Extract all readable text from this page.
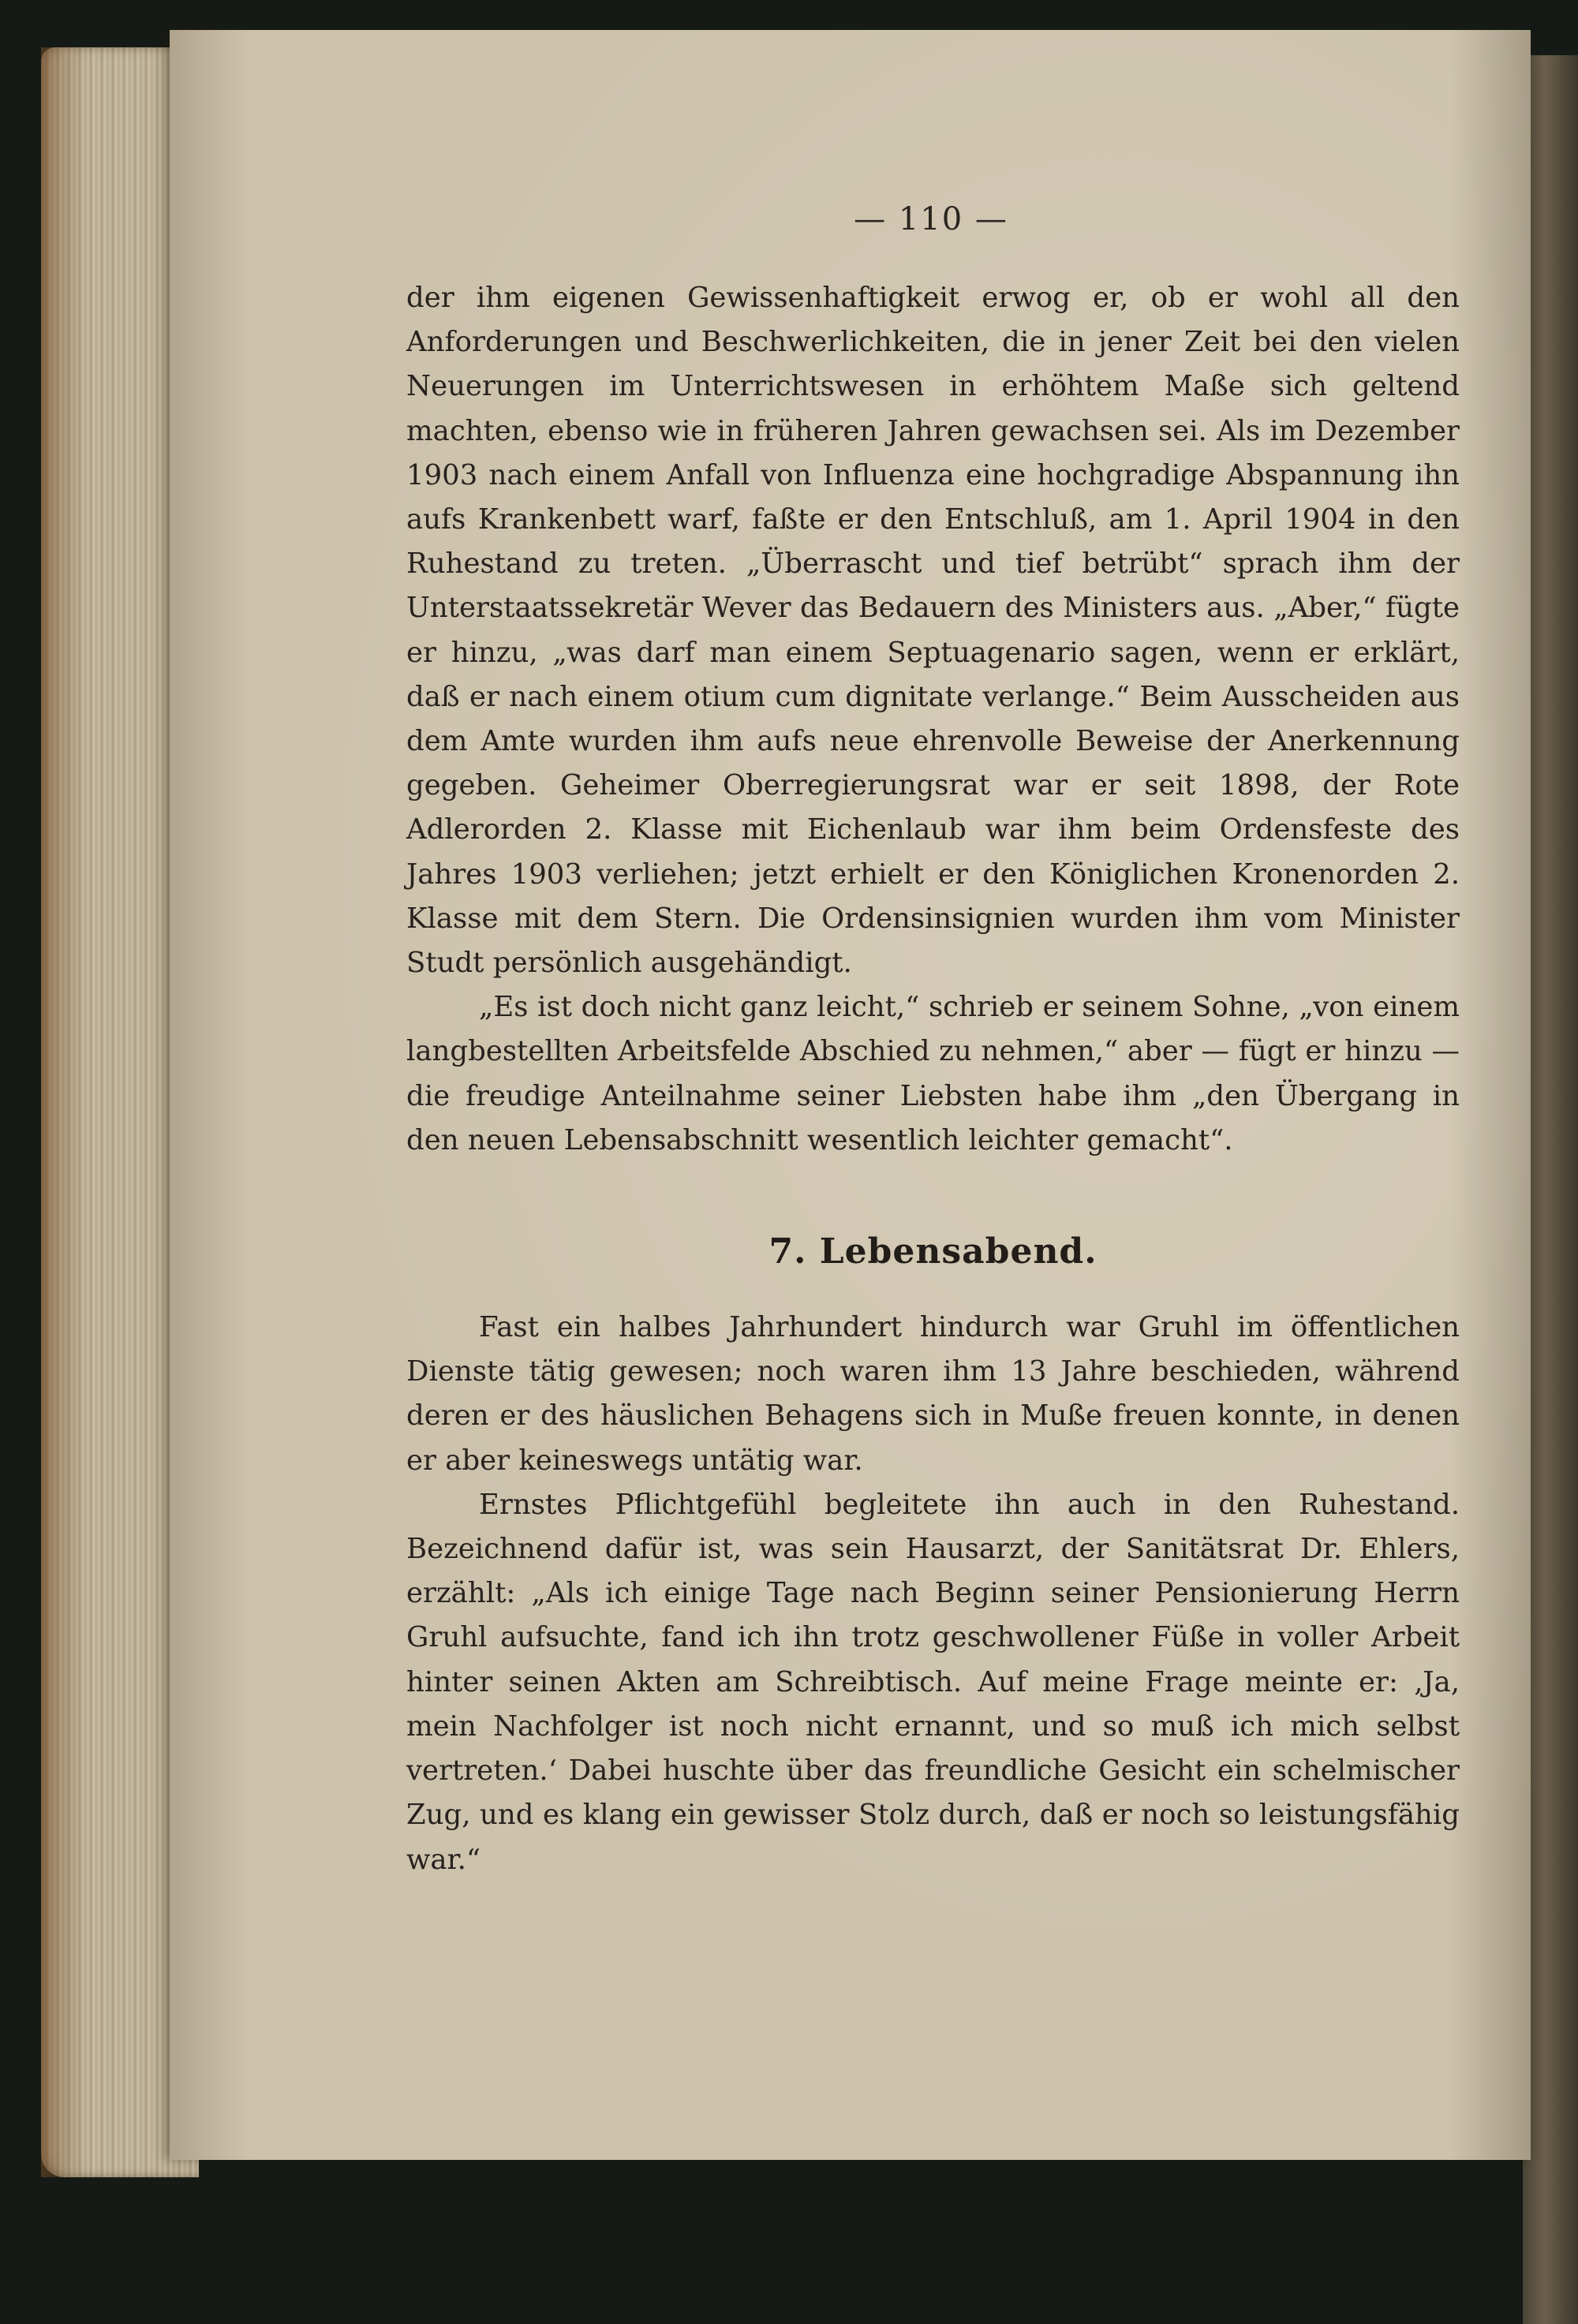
— 110 —

der ihm eigenen Gewissenhaftigkeit erwog er, ob er wohl all den Anforderungen und Beschwerlichkeiten, die in jener Zeit bei den vielen Neuerungen im Unterrichtswesen in erhöhtem Maße sich geltend machten, ebenso wie in früheren Jahren gewachsen sei. Als im Dezember 1903 nach einem Anfall von Influenza eine hochgradige Abspannung ihn aufs Krankenbett warf, faßte er den Entschluß, am 1. April 1904 in den Ruhestand zu treten. „Überrascht und tief betrübt“ sprach ihm der Unterstaatssekretär Wever das Bedauern des Ministers aus. „Aber,“ fügte er hinzu, „was darf man einem Septuagenario sagen, wenn er erklärt, daß er nach einem otium cum dignitate verlange.“ Beim Ausscheiden aus dem Amte wurden ihm aufs neue ehrenvolle Beweise der Anerkennung gegeben. Geheimer Oberregierungsrat war er seit 1898, der Rote Adlerorden 2. Klasse mit Eichenlaub war ihm beim Ordensfeste des Jahres 1903 verliehen; jetzt erhielt er den Königlichen Kronenorden 2. Klasse mit dem Stern. Die Ordensinsignien wurden ihm vom Minister Studt persönlich ausgehändigt.

„Es ist doch nicht ganz leicht,“ schrieb er seinem Sohne, „von einem langbestellten Arbeitsfelde Abschied zu nehmen,“ aber — fügt er hinzu — die freudige Anteilnahme seiner Liebsten habe ihm „den Übergang in den neuen Lebensabschnitt wesentlich leichter gemacht“.

7. Lebensabend.

Fast ein halbes Jahrhundert hindurch war Gruhl im öffentlichen Dienste tätig gewesen; noch waren ihm 13 Jahre beschieden, während deren er des häuslichen Behagens sich in Muße freuen konnte, in denen er aber keineswegs untätig war.

Ernstes Pflichtgefühl begleitete ihn auch in den Ruhestand. Bezeichnend dafür ist, was sein Hausarzt, der Sanitätsrat Dr. Ehlers, erzählt: „Als ich einige Tage nach Beginn seiner Pensionierung Herrn Gruhl aufsuchte, fand ich ihn trotz geschwollener Füße in voller Arbeit hinter seinen Akten am Schreibtisch. Auf meine Frage meinte er: ‚Ja, mein Nachfolger ist noch nicht ernannt, und so muß ich mich selbst vertreten.‘ Dabei huschte über das freundliche Gesicht ein schelmischer Zug, und es klang ein gewisser Stolz durch, daß er noch so leistungsfähig war.“
